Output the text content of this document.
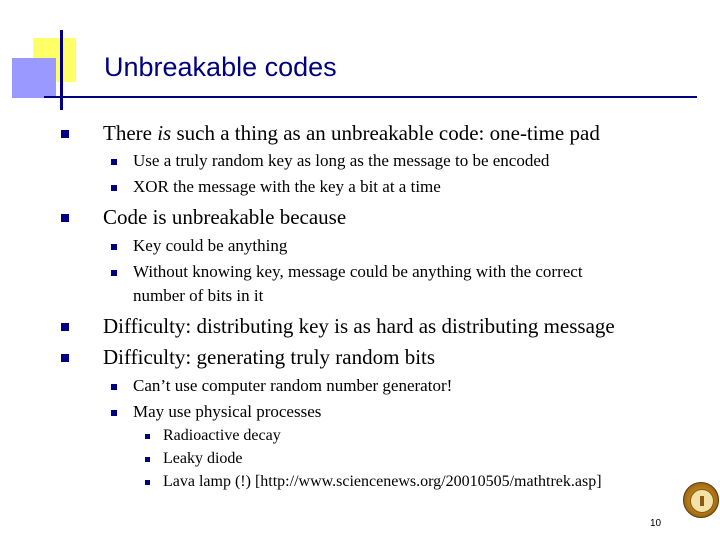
Unbreakable codes
There is such a thing as an unbreakable code: one-time pad
Use a truly random key as long as the message to be encoded
XOR the message with the key a bit at a time
Code is unbreakable because
Key could be anything
Without knowing key, message could be anything with the correct
number of bits in it
Difficulty: distributing key is as hard as distributing message
Difficulty: generating truly random bits
Can’t use computer random number generator!
May use physical processes
Radioactive decay
Leaky diode
Lava lamp (!) [http://www.sciencenews.org/20010505/mathtrek.asp]
10
